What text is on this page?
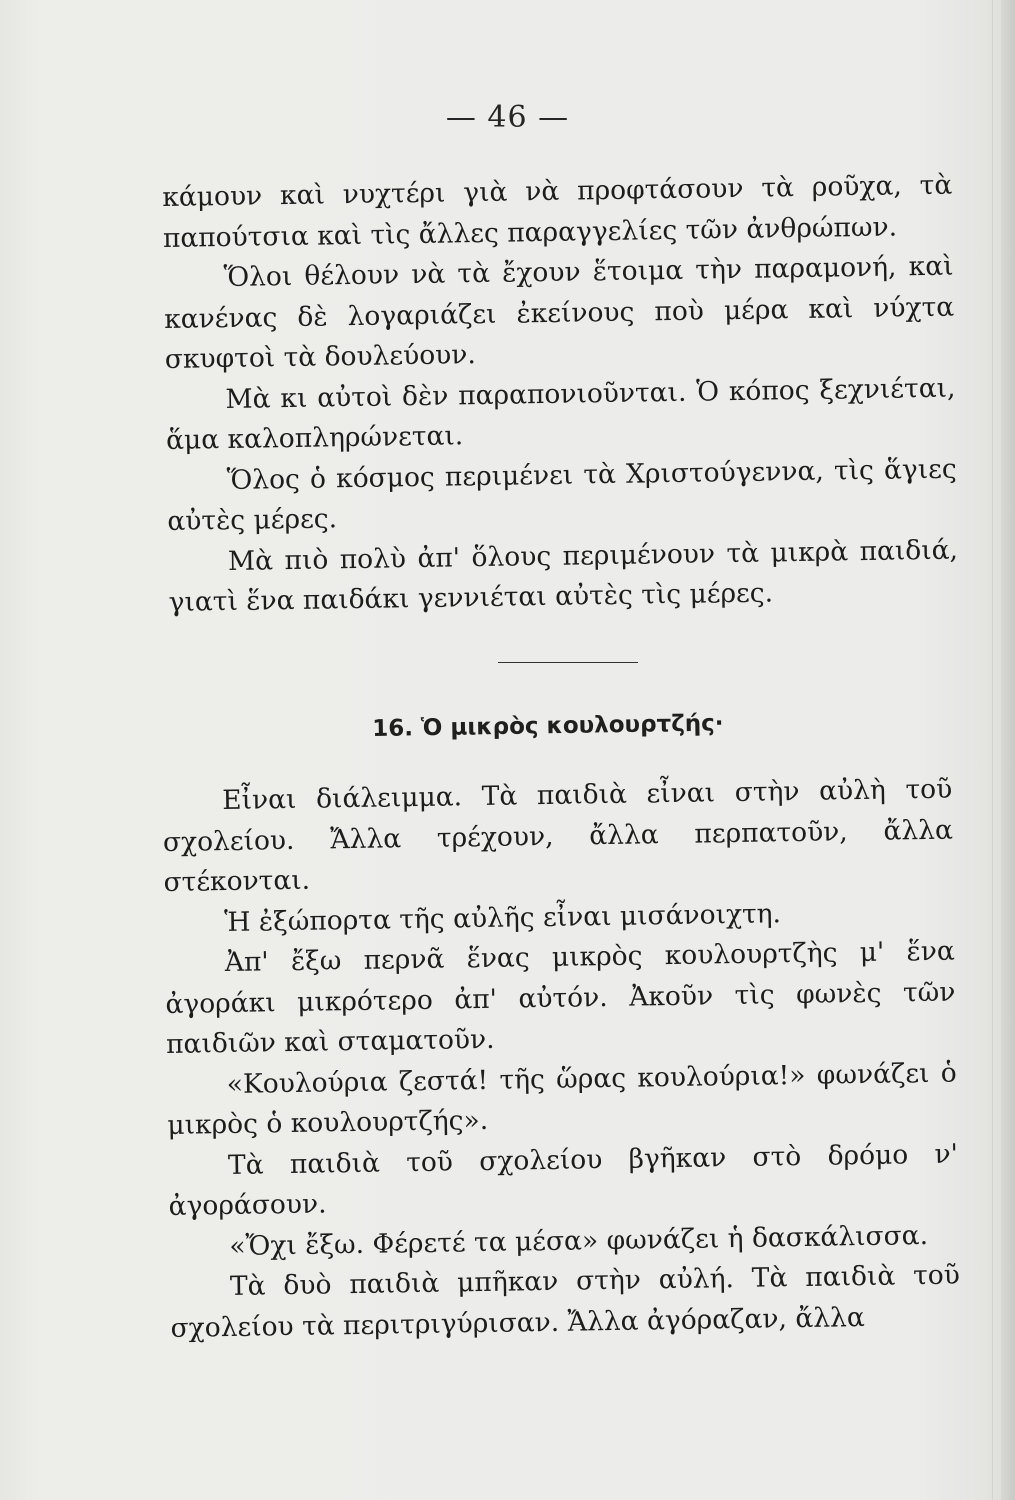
— 46 —

κάμουν καὶ νυχτέρι γιὰ νὰ προφτάσουν τὰ ροῦχα, τὰ παπούτσια καὶ τὶς ἄλλες παραγγελίες τῶν ἀνθρώπων.

Ὅλοι θέλουν νὰ τὰ ἔχουν ἕτοιμα τὴν παραμονή, καὶ κανένας δὲ λογαριάζει ἐκείνους ποὺ μέρα καὶ νύχτα σκυφτοὶ τὰ δουλεύουν.

Μὰ κι αὐτοὶ δὲν παραπονιοῦνται. Ὁ κόπος ξεχνιέται, ἅμα καλοπληρώνεται.

Ὅλος ὁ κόσμος περιμένει τὰ Χριστούγεννα, τὶς ἅγιες αὐτὲς μέρες.

Μὰ πιὸ πολὺ ἀπ' ὅλους περιμένουν τὰ μικρὰ παιδιά, γιατὶ ἕνα παιδάκι γεννιέται αὐτὲς τὶς μέρες.

16. Ὁ μικρὸς κουλουρτζής·

Εἶναι διάλειμμα. Τὰ παιδιὰ εἶναι στὴν αὐλὴ τοῦ σχολείου. Ἄλλα τρέχουν, ἄλλα περπατοῦν, ἄλλα στέκονται.

Ἡ ἐξώπορτα τῆς αὐλῆς εἶναι μισάνοιχτη.

Ἀπ' ἔξω περνᾶ ἕνας μικρὸς κουλουρτζὴς μ' ἕνα ἀγοράκι μικρότερο ἀπ' αὐτόν. Ἀκοῦν τὶς φωνὲς τῶν παιδιῶν καὶ σταματοῦν.

«Κουλούρια ζεστά! τῆς ὥρας κουλούρια!» φωνάζει ὁ μικρὸς ὁ κουλουρτζής».

Τὰ παιδιὰ τοῦ σχολείου βγῆκαν στὸ δρόμο ν' ἀγοράσουν.

«Ὄχι ἔξω. Φέρετέ τα μέσα» φωνάζει ἡ δασκάλισσα.

Τὰ δυὸ παιδιὰ μπῆκαν στὴν αὐλή. Τὰ παιδιὰ τοῦ σχολείου τὰ περιτριγύρισαν. Ἄλλα ἀγόραζαν, ἄλλα
